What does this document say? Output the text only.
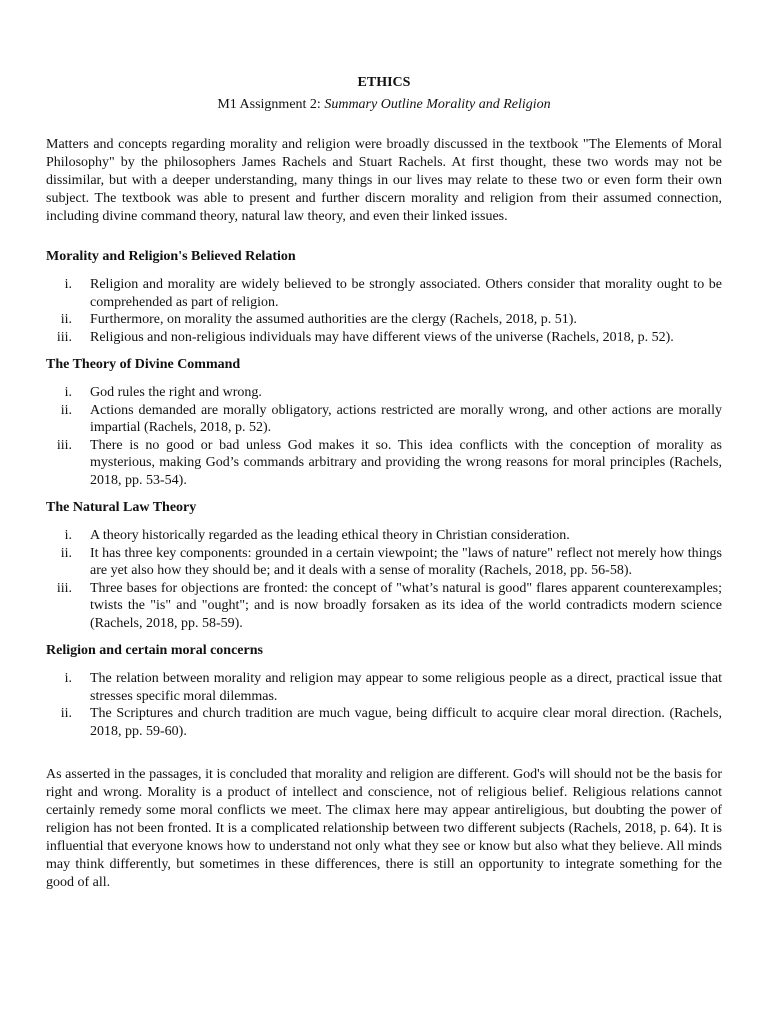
ETHICS
M1 Assignment 2: Summary Outline Morality and Religion

Matters and concepts regarding morality and religion were broadly discussed in the textbook "The Elements of Moral Philosophy" by the philosophers James Rachels and Stuart Rachels. At first thought, these two words may not be dissimilar, but with a deeper understanding, many things in our lives may relate to these two or even form their own subject. The textbook was able to present and further discern morality and religion from their assumed connection, including divine command theory, natural law theory, and even their linked issues.

Morality and Religion's Believed Relation
i.	Religion and morality are widely believed to be strongly associated. Others consider that morality ought to be comprehended as part of religion.
ii.	Furthermore, on morality the assumed authorities are the clergy (Rachels, 2018, p. 51).
iii.	Religious and non-religious individuals may have different views of the universe (Rachels, 2018, p. 52).
The Theory of Divine Command
i.	God rules the right and wrong.
ii.	Actions demanded are morally obligatory, actions restricted are morally wrong, and other actions are morally impartial (Rachels, 2018, p. 52).
iii.	There is no good or bad unless God makes it so. This idea conflicts with the conception of morality as mysterious, making God’s commands arbitrary and providing the wrong reasons for moral principles (Rachels, 2018, pp. 53-54).
The Natural Law Theory
i.	A theory historically regarded as the leading ethical theory in Christian consideration.
ii.	It has three key components: grounded in a certain viewpoint; the "laws of nature" reflect not merely how things are yet also how they should be; and it deals with a sense of morality (Rachels, 2018, pp. 56-58).
iii.	Three bases for objections are fronted: the concept of "what’s natural is good" flares apparent counterexamples; twists the "is" and "ought"; and is now broadly forsaken as its idea of the world contradicts modern science (Rachels, 2018, pp. 58-59).
Religion and certain moral concerns
i.	The relation between morality and religion may appear to some religious people as a direct, practical issue that stresses specific moral dilemmas.
ii.	The Scriptures and church tradition are much vague, being difficult to acquire clear moral direction. (Rachels, 2018, pp. 59-60).

As asserted in the passages, it is concluded that morality and religion are different. God's will should not be the basis for right and wrong. Morality is a product of intellect and conscience, not of religious belief. Religious relations cannot certainly remedy some moral conflicts we meet. The climax here may appear antireligious, but doubting the power of religion has not been fronted. It is a complicated relationship between two different subjects (Rachels, 2018, p. 64). It is influential that everyone knows how to understand not only what they see or know but also what they believe. All minds may think differently, but sometimes in these differences, there is still an opportunity to integrate something for the good of all.
